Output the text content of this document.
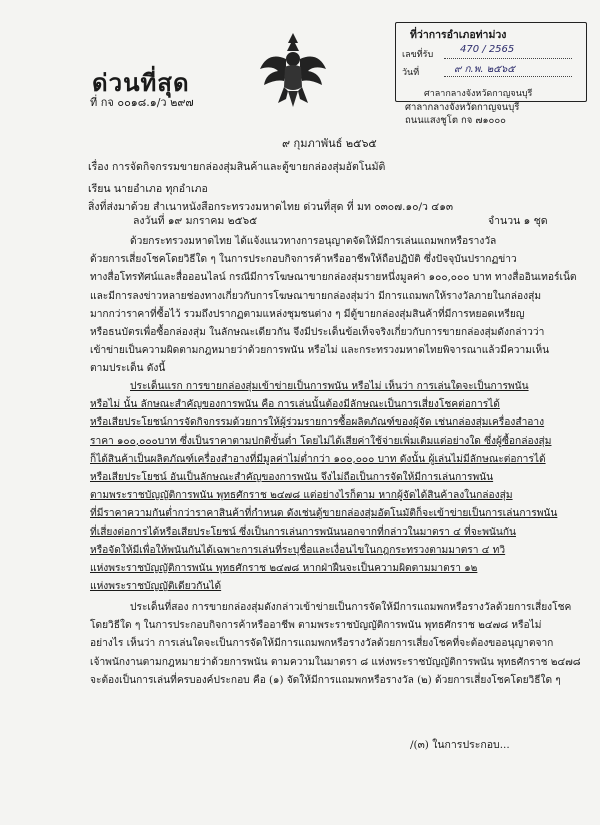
ด่วนที่สุด
ที่ กจ ๐๐๑๘.๑/ว ๒๙๗
ที่ว่าการอำเภอท่าม่วง
เลขที่รับ	470 / 2565
วันที่	๙ ก.พ. ๒๕๖๕
ศาลากลางจังหวัดกาญจนบุรี
ศาลากลางจังหวัดกาญจนบุรี
ถนนแสงชูโต กจ ๗๑๐๐๐
๙ กุมภาพันธ์ ๒๕๖๕
เรื่อง การจัดกิจกรรมขายกล่องสุ่มสินค้าและตู้ขายกล่องสุ่มอัตโนมัติ
เรียน นายอำเภอ ทุกอำเภอ
สิ่งที่ส่งมาด้วย สำเนาหนังสือกระทรวงมหาดไทย ด่วนที่สุด ที่ มท ๐๓๐๗.๑๐/ว ๔๑๓
ลงวันที่ ๑๙ มกราคม ๒๕๖๕	จำนวน ๑ ชุด
ด้วยกระทรวงมหาดไทย ได้แจ้งแนวทางการอนุญาตจัดให้มีการเล่นแถมพกหรือรางวัล
ด้วยการเสี่ยงโชคโดยวิธีใด ๆ ในการประกอบกิจการค้าหรืออาชีพให้ถือปฏิบัติ ซึ่งปัจจุบันปรากฏข่าว
ทางสื่อโทรทัศน์และสื่อออนไลน์ กรณีมีการโฆษณาขายกล่องสุ่มรายหนึ่งมูลค่า ๑๐๐,๐๐๐ บาท ทางสื่ออินเทอร์เน็ต
และมีการลงข่าวหลายช่องทางเกี่ยวกับการโฆษณาขายกล่องสุ่มว่า มีการแถมพกให้รางวัลภายในกล่องสุ่ม
มากกว่าราคาที่ซื้อไว้ รวมถึงปรากฏตามแหล่งชุมชนต่าง ๆ มีตู้ขายกล่องสุ่มสินค้าที่มีการหยอดเหรียญ
หรือธนบัตรเพื่อซื้อกล่องสุ่ม ในลักษณะเดียวกัน จึงมีประเด็นข้อเท็จจริงเกี่ยวกับการขายกล่องสุ่มดังกล่าวว่า
เข้าข่ายเป็นความผิดตามกฎหมายว่าด้วยการพนัน หรือไม่ และกระทรวงมหาดไทยพิจารณาแล้วมีความเห็น
ตามประเด็น ดังนี้
ประเด็นแรก การขายกล่องสุ่มเข้าข่ายเป็นการพนัน หรือไม่ เห็นว่า การเล่นใดจะเป็นการพนัน
หรือไม่ นั้น ลักษณะสำคัญของการพนัน คือ การเล่นนั้นต้องมีลักษณะเป็นการเสี่ยงโชคต่อการได้
หรือเสียประโยชน์การจัดกิจกรรมด้วยการให้ผู้ร่วมรายการซื้อผลิตภัณฑ์ของผู้จัด เช่นกล่องสุ่มเครื่องสำอาง
ราคา ๑๐๐,๐๐๐บาท ซึ่งเป็นราคาตามปกติขั้นต่ำ โดยไม่ได้เสียค่าใช้จ่ายเพิ่มเติมแต่อย่างใด ซึ่งผู้ซื้อกล่องสุ่ม
ก็ได้สินค้าเป็นผลิตภัณฑ์เครื่องสำอางที่มีมูลค่าไม่ต่ำกว่า ๑๐๐,๐๐๐ บาท ดังนั้น ผู้เล่นไม่มีลักษณะต่อการได้
หรือเสียประโยชน์ อันเป็นลักษณะสำคัญของการพนัน จึงไม่ถือเป็นการจัดให้มีการเล่นการพนัน
ตามพระราชบัญญัติการพนัน พุทธศักราช ๒๔๗๘ แต่อย่างไรก็ตาม หากผู้จัดได้สินค้าลงในกล่องสุ่ม
ที่มีราคาความกันต่ำกว่าราคาสินค้าที่กำหนด ดังเช่นตู้ขายกล่องสุ่มอัตโนมัติก็จะเข้าข่ายเป็นการเล่นการพนัน
ที่เสี่ยงต่อการได้หรือเสียประโยชน์ ซึ่งเป็นการเล่นการพนันนอกจากที่กล่าวในมาตรา ๔ ที่จะพนันกัน
หรือจัดให้มีเพื่อให้พนันกันได้เฉพาะการเล่นที่ระบุชื่อและเงื่อนไขในกฎกระทรวงตามมาตรา ๔ ทวิ
แห่งพระราชบัญญัติการพนัน พุทธศักราช ๒๔๗๘ หากฝ่าฝืนจะเป็นความผิดตามมาตรา ๑๒
แห่งพระราชบัญญัติเดียวกันได้
ประเด็นที่สอง การขายกล่องสุ่มดังกล่าวเข้าข่ายเป็นการจัดให้มีการแถมพกหรือรางวัลด้วยการเสี่ยงโชค
โดยวิธีใด ๆ ในการประกอบกิจการค้าหรืออาชีพ ตามพระราชบัญญัติการพนัน พุทธศักราช ๒๔๗๘ หรือไม่
อย่างไร เห็นว่า การเล่นใดจะเป็นการจัดให้มีการแถมพกหรือรางวัลด้วยการเสี่ยงโชคที่จะต้องขออนุญาตจาก
เจ้าพนักงานตามกฎหมายว่าด้วยการพนัน ตามความในมาตรา ๘ แห่งพระราชบัญญัติการพนัน พุทธศักราช ๒๔๗๘
จะต้องเป็นการเล่นที่ครบองค์ประกอบ คือ (๑) จัดให้มีการแถมพกหรือรางวัล (๒) ด้วยการเสี่ยงโชคโดยวิธีใด ๆ
/(๓) ในการประกอบ...
